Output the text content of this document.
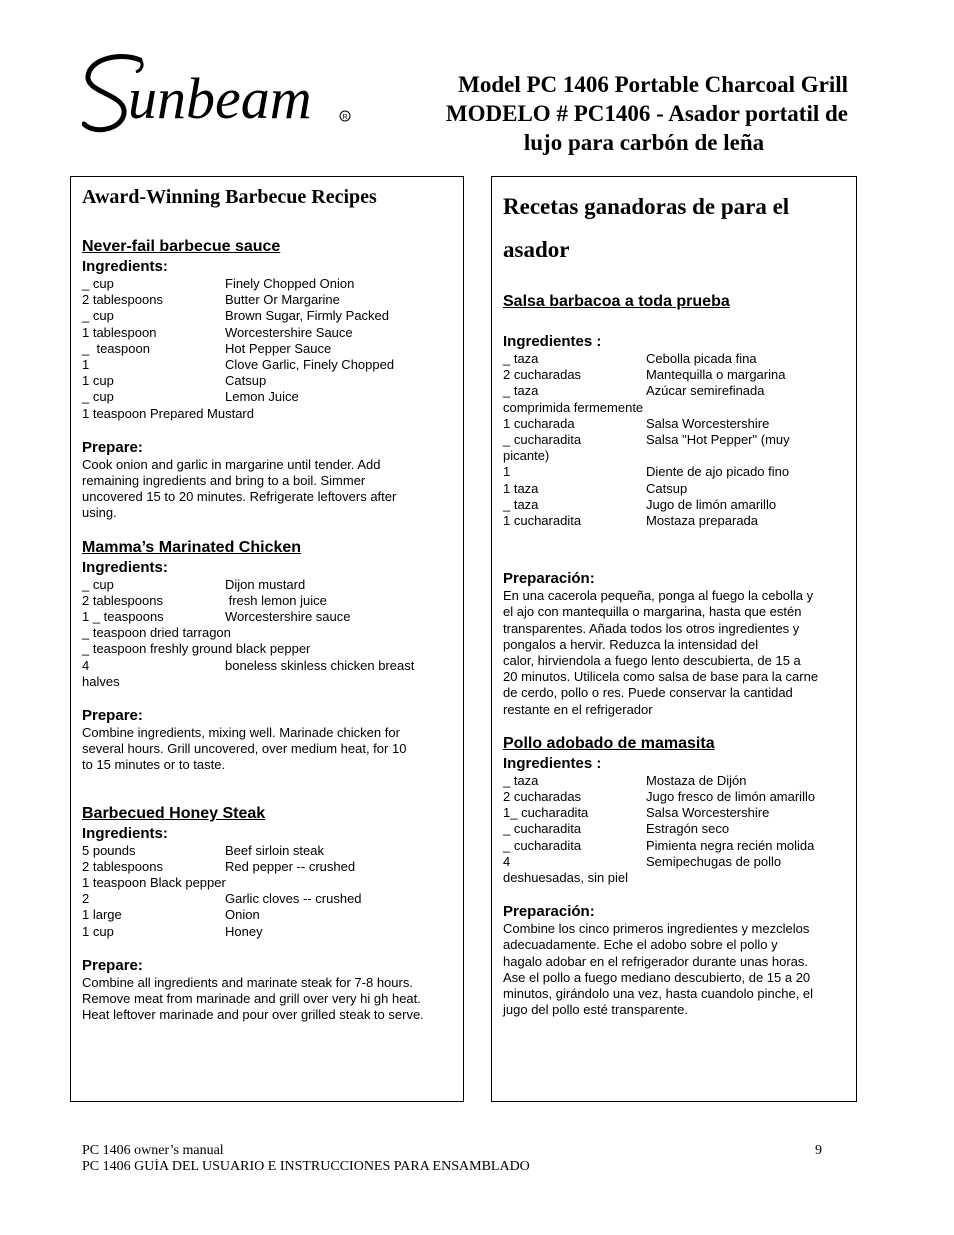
unbeam	R
Model PC 1406 Portable Charcoal Grill
MODELO # PC1406 - Asador portatil de
lujo para carbón de leña
Award-Winning Barbecue Recipes
Never-fail barbecue sauce
Ingredients:
_ cup	Finely Chopped Onion
2 tablespoons	Butter Or Margarine
_ cup	Brown Sugar, Firmly Packed
1 tablespoon	Worcestershire Sauce
_  teaspoon	Hot Pepper Sauce
1	Clove Garlic, Finely Chopped
1 cup	Catsup
_ cup	Lemon Juice
1 teaspoon Prepared Mustard
Prepare:
Cook onion and garlic in margarine until tender. Add
remaining ingredients and bring to a boil. Simmer
uncovered 15 to 20 minutes. Refrigerate leftovers after
using.
Mamma’s Marinated Chicken
Ingredients:
_ cup	Dijon mustard
2 tablespoons	fresh lemon juice
1 _ teaspoons	Worcestershire sauce
_ teaspoon dried tarragon
_ teaspoon freshly ground black pepper
4	boneless skinless chicken breast
halves
Prepare:
Combine ingredients, mixing well. Marinade chicken for
several hours. Grill uncovered, over medium heat, for 10
to 15 minutes or to taste.
Barbecued Honey Steak
Ingredients:
5 pounds	Beef sirloin steak
2 tablespoons	Red pepper -- crushed
1 teaspoon Black pepper
2	Garlic cloves -- crushed
1 large	Onion
1 cup	Honey
Prepare:
Combine all ingredients and marinate steak for 7-8 hours.
Remove meat from marinade and grill over very hi gh heat.
Heat leftover marinade and pour over grilled steak to serve.
Recetas ganadoras de para el
asador
Salsa barbacoa a toda prueba
Ingredientes :
_ taza	Cebolla picada fina
2 cucharadas	Mantequilla o margarina
_ taza	Azúcar semirefinada
comprimida fermemente
1 cucharada	Salsa Worcestershire
_ cucharadita	Salsa "Hot Pepper" (muy
picante)
1	Diente de ajo picado fino
1 taza	Catsup
_ taza	Jugo de limón amarillo
1 cucharadita	Mostaza preparada
Preparación:
En una cacerola pequeña, ponga al fuego la cebolla y
el ajo con mantequilla o margarina, hasta que estén
transparentes. Añada todos los otros ingredientes y
pongalos a hervir. Reduzca la intensidad del
calor, hirviendola a fuego lento descubierta, de 15 a
20 minutos. Utilicela como salsa de base para la carne
de cerdo, pollo o res. Puede conservar la cantidad
restante en el refrigerador
Pollo adobado de mamasita
Ingredientes :
_ taza	Mostaza de Dijón
2 cucharadas	Jugo fresco de limón amarillo
1_ cucharadita	Salsa Worcestershire
_ cucharadita	Estragón seco
_ cucharadita	Pimienta negra recién molida
4	Semipechugas de pollo
deshuesadas, sin piel
Preparación:
Combine los cinco primeros ingredientes y mezclelos
adecuadamente. Eche el adobo sobre el pollo y
hagalo adobar en el refrigerador durante unas horas.
Ase el pollo a fuego mediano descubierto, de 15 a 20
minutos, girándolo una vez, hasta cuandolo pinche, el
jugo del pollo esté transparente.
PC 1406 owner’s manual	9
PC 1406 GUÍA DEL USUARIO E INSTRUCCIONES PARA ENSAMBLADO
